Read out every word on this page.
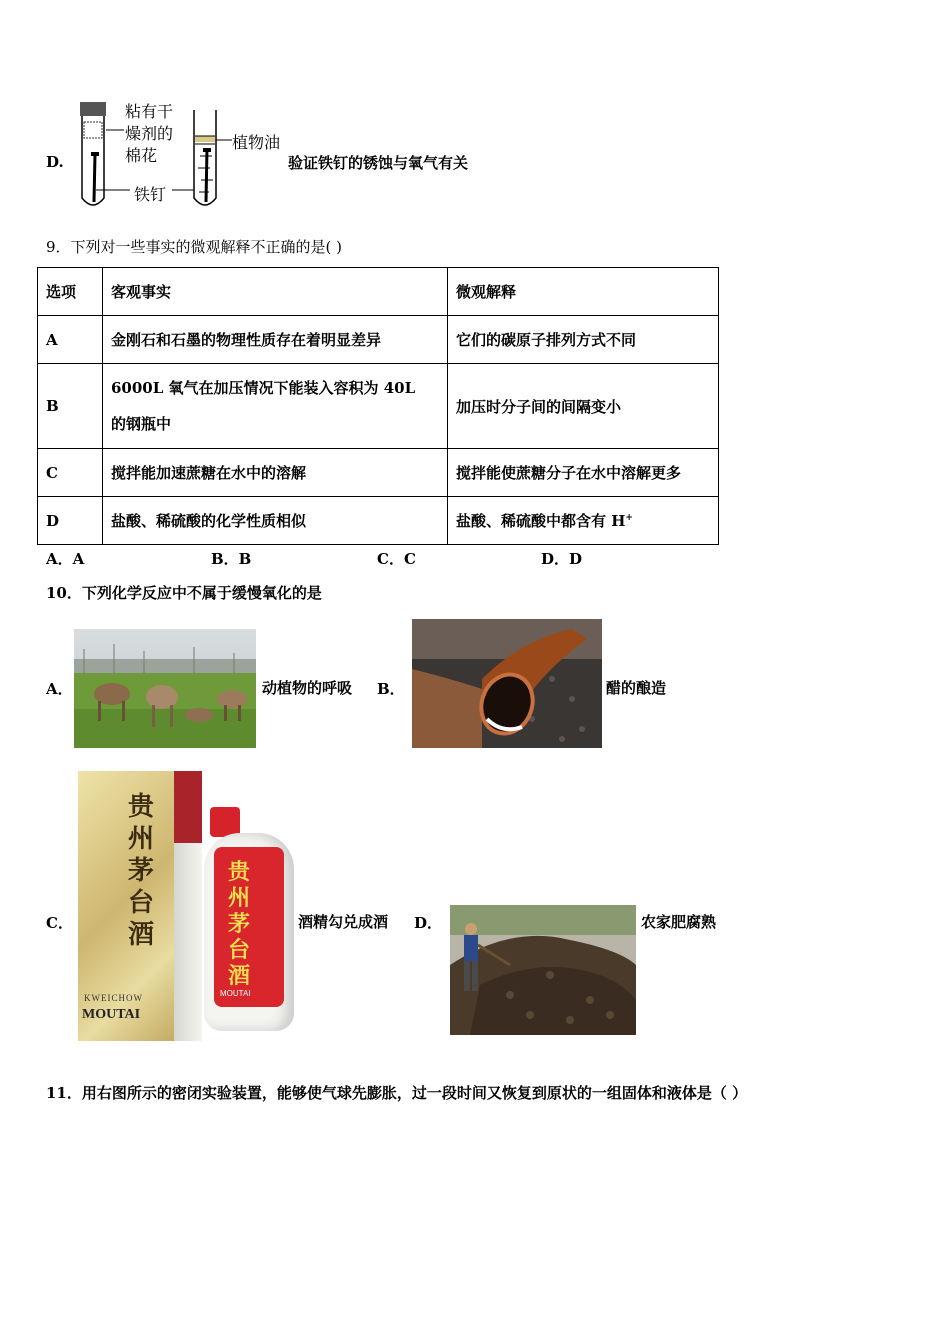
D.
粘有干
燥剂的
棉花
植物油
铁钉
验证铁钉的锈蚀与氧气有关
9．下列对一些事实的微观解释不正确的是( )
选项	客观事实	微观解释
A	金刚石和石墨的物理性质存在着明显差异	它们的碳原子排列方式不同
B	6000L 氧气在加压情况下能装入容积为 40L
的钢瓶中	加压时分子间的间隔变小
C	搅拌能加速蔗糖在水中的溶解	搅拌能使蔗糖分子在水中溶解更多
D	盐酸、稀硫酸的化学性质相似	盐酸、稀硫酸中都含有 H+
A．A	B．B	C．C	D．D
10．下列化学反应中不属于缓慢氧化的是
A．	动植物的呼吸 B．	醋的酿造
C．
贵州茅台酒
KWEICHOW
MOUTAI
贵州茅台酒
MOUTAI
酒精勾兑成酒 D．	农家肥腐熟
11．用右图所示的密闭实验装置，能够使气球先膨胀，过一段时间又恢复到原状的一组固体和液体是（ ）
